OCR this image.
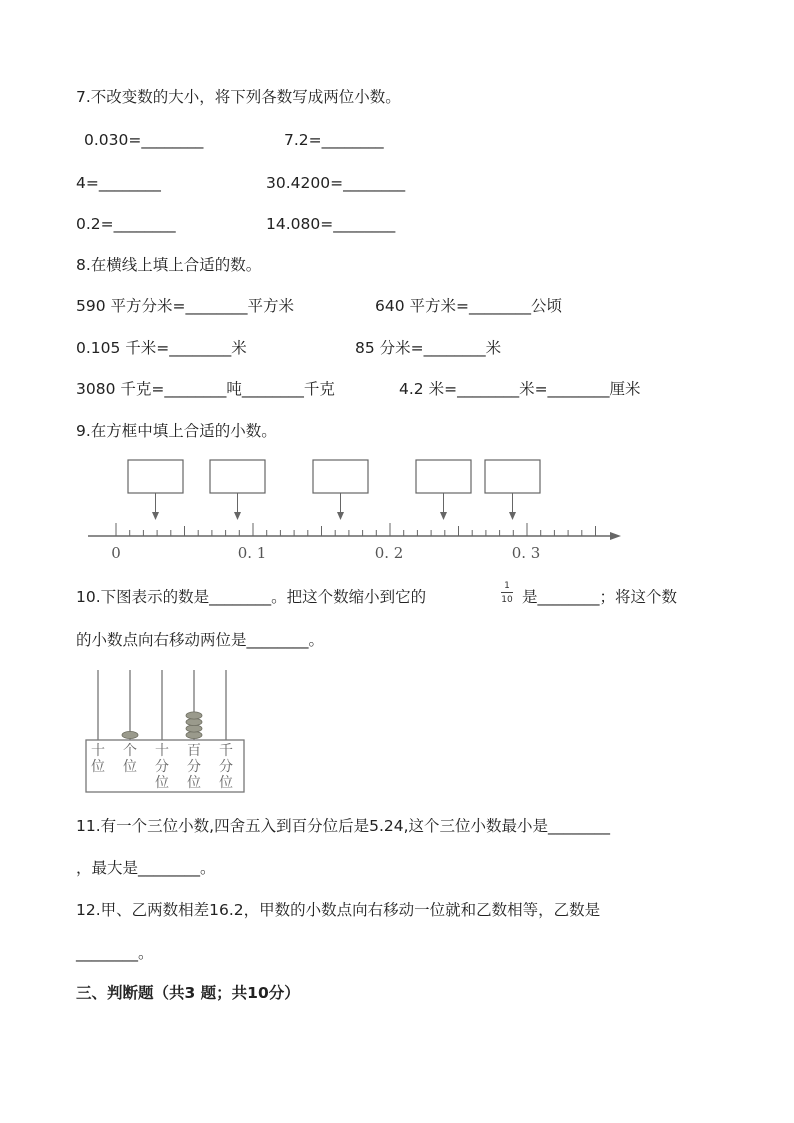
7.不改变数的大小，将下列各数写成两位小数。
0.030=________	7.2=________
4=________	30.4200=________
0.2=________	14.080=________
8.在横线上填上合适的数。
590 平方分米=________平方米	640 平方米=________公顷
0.105 千米=________米	85 分米=________米
3080 千克=________吨________千克	4.2 米=________米=________厘米
9.在方框中填上合适的小数。
0	0. 1	0. 2	0. 3
10.下图表示的数是________。把这个数缩小到它的
1
10 是________；将这个数
的小数点向右移动两位是________。
十位
个位
十分位
百分位
千分位
11.有一个三位小数,四舍五入到百分位后是5.24,这个三位小数最小是________
，最大是________。
12.甲、乙两数相差16.2，甲数的小数点向右移动一位就和乙数相等，乙数是
________。
三、判断题（共3 题；共10分）
